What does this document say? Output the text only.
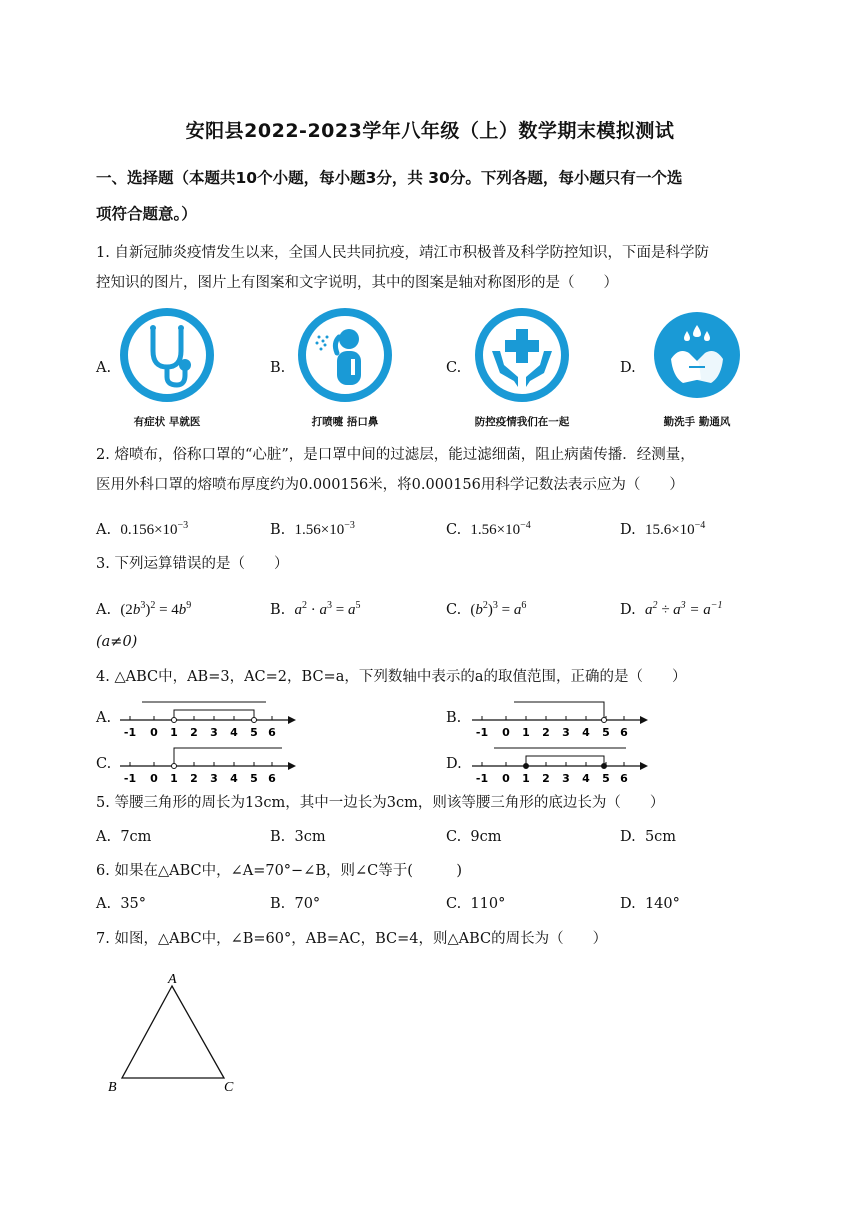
安阳县2022-2023学年八年级（上）数学期末模拟测试
一、选择题（本题共10个小题，每小题3分，共 30分。下列各题，每小题只有一个选
项符合题意。）
1. 自新冠肺炎疫情发生以来，全国人民共同抗疫，靖江市积极普及科学防控知识，下面是科学防
控知识的图片，图片上有图案和文字说明，其中的图案是轴对称图形的是（　　）
A.	B.	C.	D.
有症状 早就医	打喷嚏 捂口鼻	防控疫情我们在一起	勤洗手 勤通风
2. 熔喷布，俗称口罩的“心脏”，是口罩中间的过滤层，能过滤细菌，阻止病菌传播．经测量，
医用外科口罩的熔喷布厚度约为0.000156米，将0.000156用科学记数法表示应为（　　）
A. $0.156\times 10^{-3}$	B. $1.56\times 10^{-3}$	C. $1.56\times 10^{-4}$	D. $15.6\times 10^{-4}$
3. 下列运算错误的是（　　）
A. $(2b^3)^2 = 4b^9$	B. $a^2 \cdot a^3 = a^5$	C. $(b^2)^3 = a^6$	D. $a^2 \div a^3 = a^{-1}$
(a≠0)
4. △ABC中，AB=3，AC=2，BC=a，下列数轴中表示的a的取值范围，正确的是（　　）
A.	B.
C.	D.
-1 0 1 2 3 4 5 6	-1 0 1 2 3 4 5 6
-1 0 1 2 3 4 5 6	-1 0 1 2 3 4 5 6
5. 等腰三角形的周长为13cm，其中一边长为3cm，则该等腰三角形的底边长为（　　）
A. 7cm	B. 3cm	C. 9cm	D. 5cm
6. 如果在△ABC中，∠A=70°−∠B，则∠C等于(　　　)
A. 35°	B. 70°	C. 110°	D. 140°
7. 如图，△ABC中，∠B=60°，AB=AC，BC=4，则△ABC的周长为（　　）
A
B	C
